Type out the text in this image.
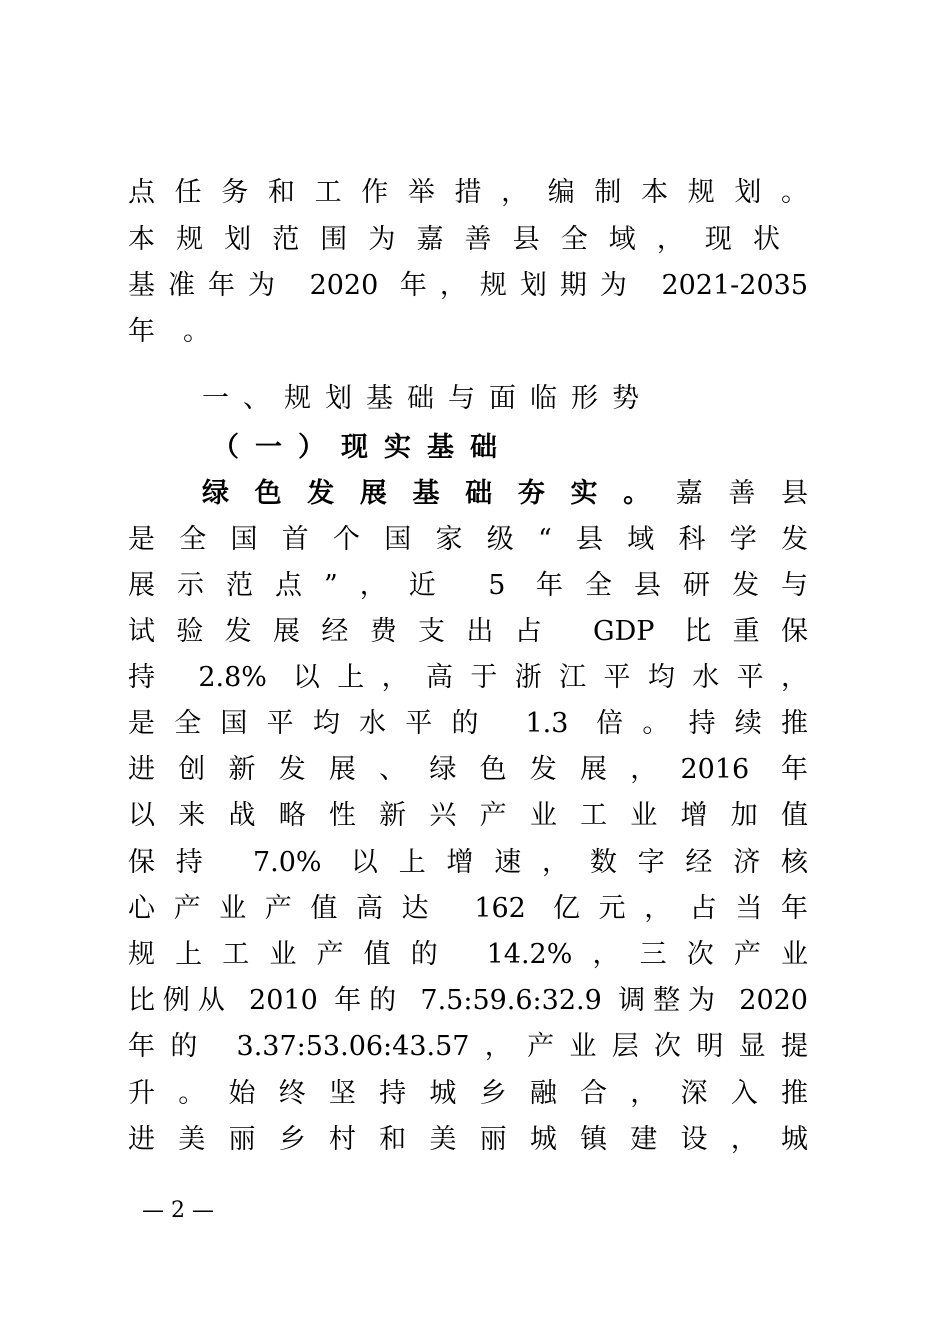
点​任​务​和​工​作​举​措​，​编​制​本​规​划​。
本规划范围为嘉善县全域，现状
基​准​年​为​ ​2​0​2​0​ ​年​，​规​划​期​为​ ​2​0​2​1​-​2​0​3​5
年。
一、规划基础与面临形势
（一）现实基础
绿色发展基础夯实。嘉善县
是​全​国​首​个​国​家​级​“​县​域​科​学​发
展​示​范​点​”​，​近​ ​5​ ​年​全​县​研​发​与
试​验​发​展​经​费​支​出​占​ ​G​D​P​ ​比​重​保
持​ ​2​.​8​%​ ​以​上​，​高​于​浙​江​平​均​水​平​，
是​全​国​平​均​水​平​的​ ​1​.​3​ ​倍​。​持​续​推
进​创​新​发​展​、​绿​色​发​展​，​2​0​1​6​ ​年
以​来​战​略​性​新​兴​产​业​工​业​增​加​值
保​持​ ​7​.​0​%​ ​以​上​增​速​，​数​字​经​济​核
心​产​业​产​值​高​达​ ​1​6​2​ ​亿​元​，​占​当​年
规​上​工​业​产​值​的​ ​1​4​.​2​%​，​三​次​产​业
比​例​从​ ​2​0​1​0​ ​年​的​ ​7​.​5​:​5​9​.​6​:​3​2​.​9​ ​调​整​为​ ​2​0​2​0
年​的​ ​3​.​3​7​:​5​3​.​0​6​:​4​3​.​5​7​，​产​业​层​次​明​显​提
升​。​始​终​坚​持​城​乡​融​合​，​深​入​推
进​美​丽​乡​村​和​美​丽​城​镇​建​设​，​城
— 2 —
